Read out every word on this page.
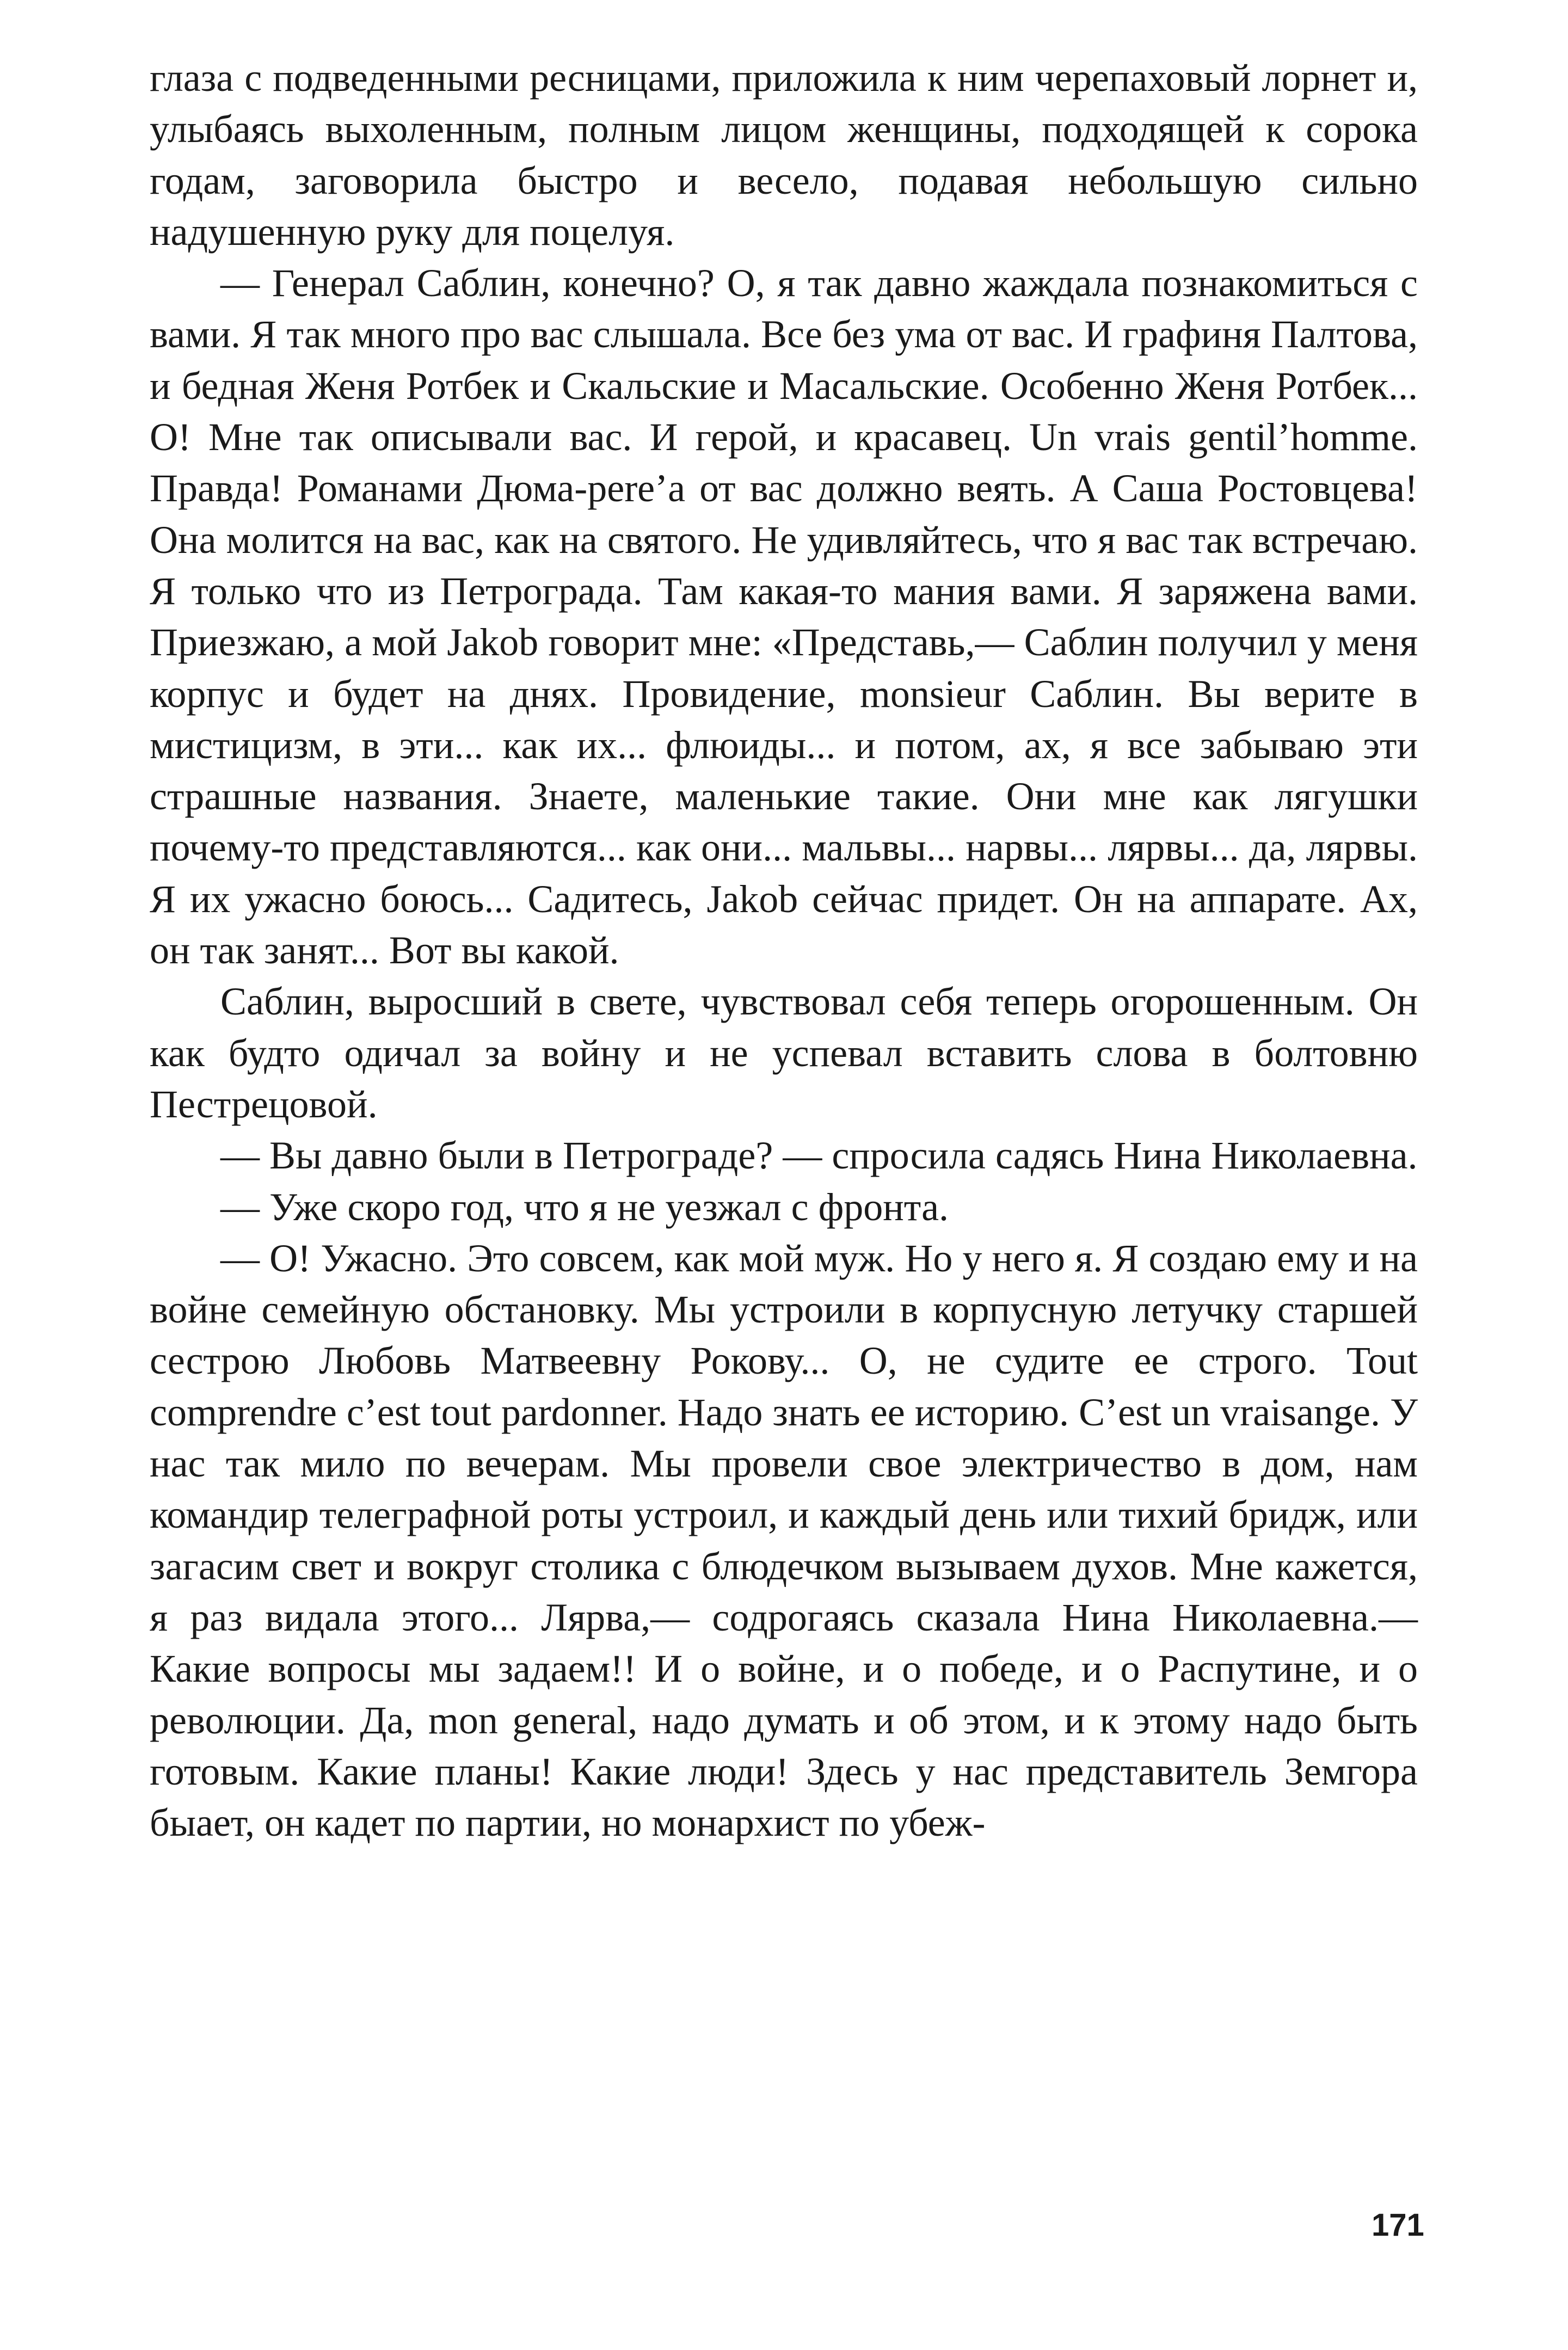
глаза с подведенными ресницами, приложила к ним черепаховый лорнет и, улыбаясь выхоленным, полным лицом женщины, подходящей к сорока годам, заговорила быстро и весело, подавая небольшую сильно надушенную руку для поцелуя.

— Генерал Саблин, конечно? О, я так давно жаждала познакомиться с вами. Я так много про вас слышала. Все без ума от вас. И графиня Палтова, и бедная Женя Ротбек и Скальские и Масальские. Особенно Женя Ротбек... О! Мне так описывали вас. И герой, и красавец. Un vrais gentil’homme. Правда! Романами Дюма-pere’а от вас должно веять. А Саша Ростовцева! Она молится на вас, как на святого. Не удивляйтесь, что я вас так встречаю. Я только что из Петрограда. Там какая-то мания вами. Я заряжена вами. Приезжаю, а мой Jakob говорит мне: «Представь,— Саблин получил у меня корпус и будет на днях. Провидение, monsieur Саблин. Вы верите в мистицизм, в эти... как их... флюиды... и потом, ах, я все забываю эти страшные названия. Знаете, маленькие такие. Они мне как лягушки почему-то представляются... как они... мальвы... нарвы... лярвы... да, лярвы. Я их ужасно боюсь... Садитесь, Jakob сейчас придет. Он на аппарате. Ах, он так занят... Вот вы какой.

Саблин, выросший в свете, чувствовал себя теперь огорошенным. Он как будто одичал за войну и не успевал вставить слова в болтовню Пестрецовой.

— Вы давно были в Петрограде? — спросила садясь Нина Николаевна.

— Уже скоро год, что я не уезжал с фронта.

— О! Ужасно. Это совсем, как мой муж. Но у него я. Я создаю ему и на войне семейную обстановку. Мы устроили в корпусную летучку старшей сестрою Любовь Матвеевну Рокову... О, не судите ее строго. Tout comprendre c’est tout pardonner. Надо знать ее историю. C’est un vraisange. У нас так мило по вечерам. Мы провели свое электричество в дом, нам командир телеграфной роты устроил, и каждый день или тихий бридж, или загасим свет и вокруг столика с блюдечком вызываем духов. Мне кажется, я раз видала этого... Лярва,— содрогаясь сказала Нина Николаевна.— Какие вопросы мы задаем!! И о войне, и о победе, и о Распутине, и о революции. Да, mon general, надо думать и об этом, и к этому надо быть готовым. Какие планы! Какие люди! Здесь у нас представитель Земгора быает, он кадет по партии, но монархист по убеж-

171
